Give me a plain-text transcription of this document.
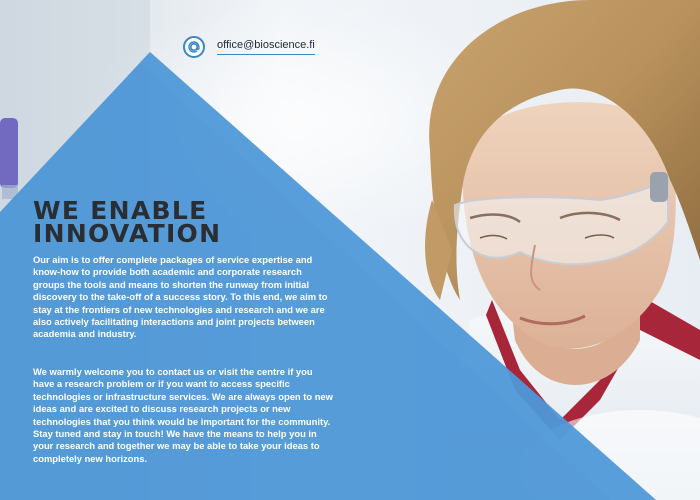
office@bioscience.fi
WE ENABLE
INNOVATION

Our aim is to offer complete packages of service expertise and know-how to provide both academic and corporate research groups the tools and means to shorten the runway from initial discovery to the take-off of a success story. To this end, we aim to stay at the frontiers of new technologies and research and we are also actively facilitating interactions and joint projects between academia and industry.

We warmly welcome you to contact us or visit the centre if you have a research problem or if you want to access specific technologies or infrastructure services. We are always open to new ideas and are excited to discuss research projects or new technologies that you think would be important for the community. Stay tuned and stay in touch! We have the means to help you in your research and together we may be able to take your ideas to completely new horizons.
